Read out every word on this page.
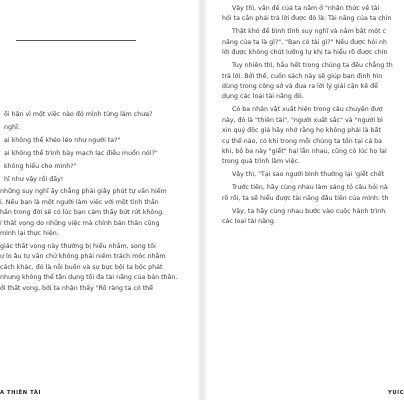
ối hận vì một việc nào đó mình từng làm chưa?

nghĩ:

ại không thể khéo léo như người ta?"

ại không thể trình bày mạch lạc điều muốn nói?"

không hiểu cho mình?"

hĩ như vậy rồi đấy!

những suy nghĩ ấy chẳng phải giây phút tự vấn hiếm

i. Nếu bạn là một người làm việc với một tinh thần

hần trong đời sẽ có lúc bạn cảm thấy bứt rứt không

i thất vọng do những việc mà chính bản thân cũng

mình lại thực hiện.

giác thất vọng này thường bị hiểu nhầm, song tôi

ự lo âu tự vấn chứ không phải niềm trách móc nhằm

cách khác, đó là nỗi buồn và sự bực bội ta bộc phát

nhưng không thể tận dụng tối đa tài năng của bản thân.

ởi thất vọng, bởi ta nhận thấy "Rõ ràng ta có thể

A THIÊN TÀI

Vậy thì, vấn đề của ta nằm ở "nhận thức về tài

hỏi ta cần phải trả lời được đó là: Tài năng của ta chín

Thật khó để bình tĩnh suy nghĩ và nắm bắt một c

năng của ta là gì?", "Bạn có tài gì?" Nếu được hỏi nh

lời được không chút lưỡng lự khi ta hiểu rõ được chín

Tuy nhiên thì, hầu hết trong chúng ta đều chẳng th

trả lời. Bởi thế, cuốn sách này sẽ giúp bạn định hìn

dùng trong công sở và đưa ra lời lý giải cặn kẽ để

dụng các loại tài năng đó.

Có ba nhân vật xuất hiện trong câu chuyện đượ

này, đó là "thiên tài", "người xuất sắc" và "người bì

xin quý độc giả hãy nhớ rằng họ không phải là bất

cụ thể nào, có khi trong mỗi chúng ta tồn tại cả ba

khi, bộ ba này "giết" hại lẫn nhau, cũng có lúc họ lại

trong quá trình làm việc.

Vậy thì, "Tại sao người bình thường lại 'giết chết

Trước tiên, hãy cùng nhau làm sáng tỏ câu hỏi nà

rõ rồi, ta sẽ hiểu được tài năng đâu tiên của mình: th

Vậy, ta hãy cùng nhau bước vào cuộc hành trình

các loại tài năng.

YUIC
